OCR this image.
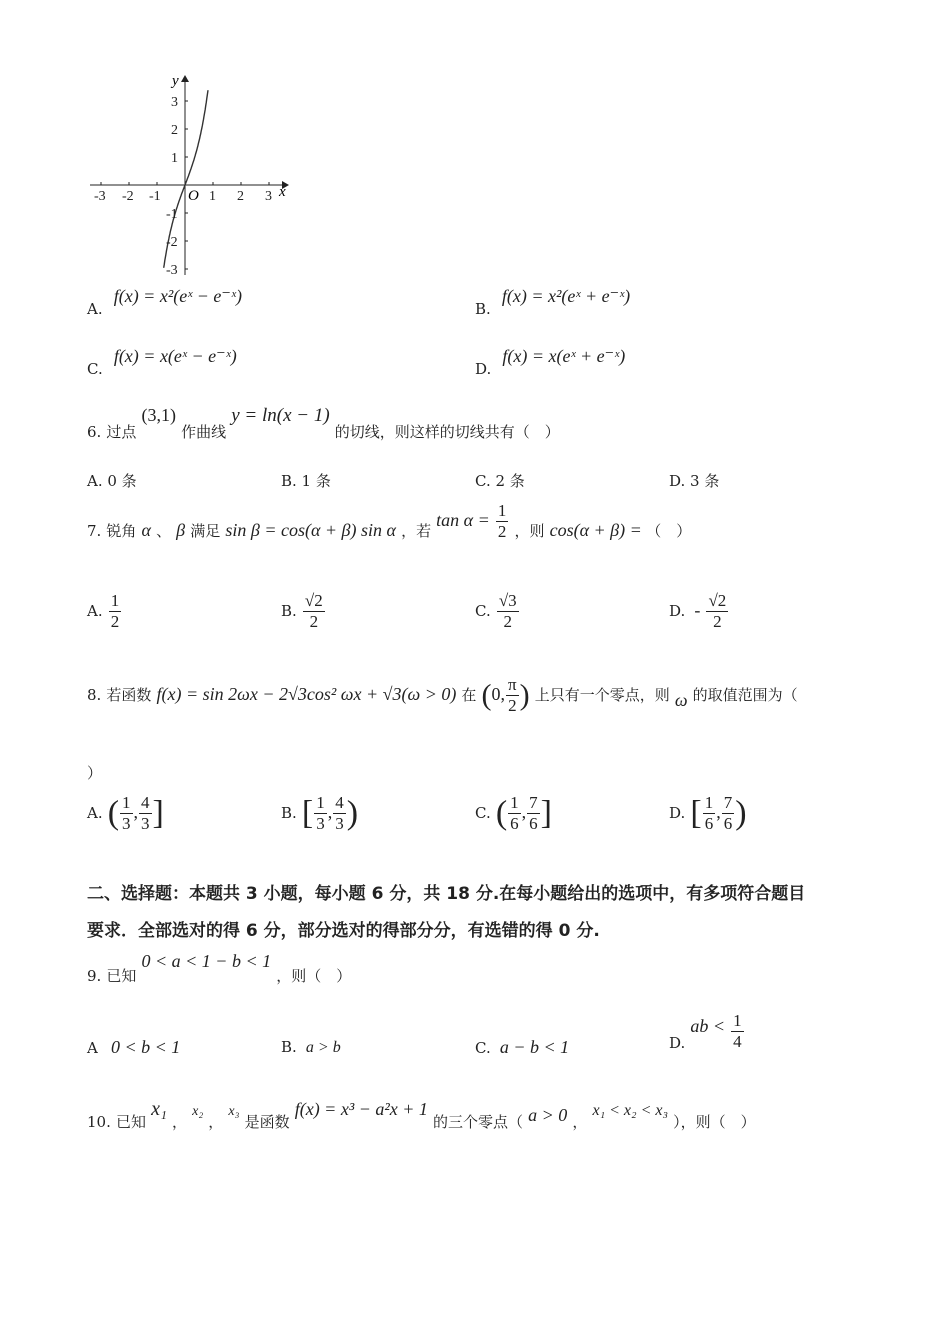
y
x
O
-3 -2 -1	1 2 3
3
2
1
-1
-2
-3
A. f(x) = x²(eˣ − e⁻ˣ)
B. f(x) = x²(eˣ + e⁻ˣ)
C. f(x) = x(eˣ − e⁻ˣ)
D. f(x) = x(eˣ + e⁻ˣ)
6. 过点 (3,1) 作曲线 y = ln(x − 1) 的切线，则这样的切线共有（　）
A. 0 条	B. 1 条	C. 2 条	D. 3 条
7. 锐角 α 、 β 满足 sin β = cos(α + β) sin α ，若 $\tan \alpha = \frac{1}{2}$ ，则 cos(α + β) = （　）
A. $\frac{1}{2}$	B. $\frac{√2}{2}$	C. $\frac{√3}{2}$	D. - $\frac{√2}{2}$
8. 若函数 f(x) = sin 2ωx − 2√3cos² ωx + √3(ω > 0) 在 (0, $\frac{\pi}{2}$ ) 上只有一个零点，则 ω 的取值范围为（
）
A. ( $\frac{1}{3}$ , $\frac{4}{3}$ ]	B. [ $\frac{1}{3}$ , $\frac{4}{3}$ )	C. ( $\frac{1}{6}$ , $\frac{7}{6}$ ]	D. [ $\frac{1}{6}$ , $\frac{7}{6}$ )
二、选择题：本题共 3 小题，每小题 6 分，共 18 分.在每小题给出的选项中，有多项符合题目
要求．全部选对的得 6 分，部分选对的得部分分，有选错的得 0 分.
9. 已知 0 < a < 1 − b < 1 ，则（　）
A 0 < b < 1	B. a > b	C. a − b < 1	D. ab < $\frac{1}{4}$
10. 已知 x₁ ， x₂ ， x₃ 是函数 f(x) = x³ − a²x + 1 的三个零点（ a > 0 ， x₁ < x₂ < x₃ ），则（　）
